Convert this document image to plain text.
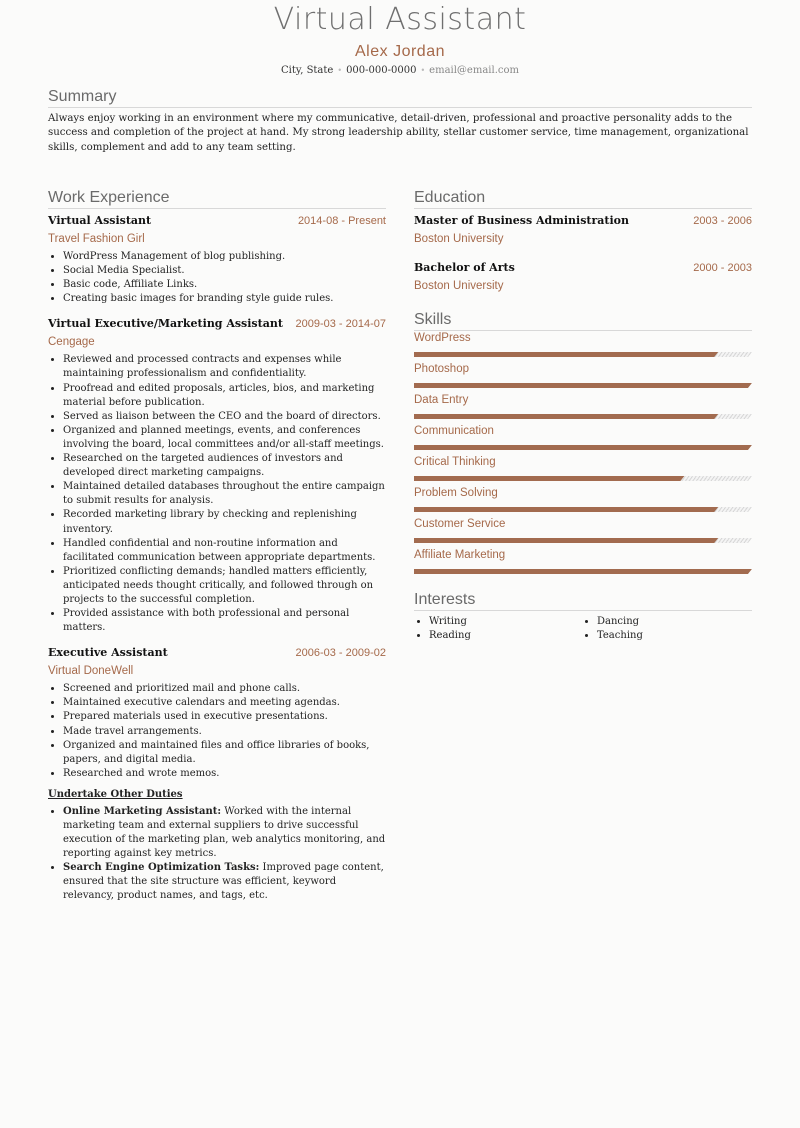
Virtual Assistant
Alex Jordan
City, State • 000-000-0000 • email@email.com
Summary

Always enjoy working in an environment where my communicative, detail-driven, professional and proactive personality adds to the success and completion of the project at hand. My strong leadership ability, stellar customer service, time management, organizational skills, complement and add to any team setting.

Work Experience
Virtual Assistant	2014-08 - Present
Travel Fashion Girl
• WordPress Management of blog publishing.
• Social Media Specialist.
• Basic code, Affiliate Links.
• Creating basic images for branding style guide rules.
Virtual Executive/Marketing Assistant 2009-03 - 2014-07
Cengage
• Reviewed and processed contracts and expenses while maintaining professionalism and confidentiality.
• Proofread and edited proposals, articles, bios, and marketing material before publication.
• Served as liaison between the CEO and the board of directors.
• Organized and planned meetings, events, and conferences involving the board, local committees and/or all-staff meetings.
• Researched on the targeted audiences of investors and developed direct marketing campaigns.
• Maintained detailed databases throughout the entire campaign to submit results for analysis.
• Recorded marketing library by checking and replenishing inventory.
• Handled confidential and non-routine information and facilitated communication between appropriate departments.
• Prioritized conflicting demands; handled matters efficiently, anticipated needs thought critically, and followed through on projects to the successful completion.
• Provided assistance with both professional and personal matters.
Executive Assistant	2006-03 - 2009-02
Virtual DoneWell
• Screened and prioritized mail and phone calls.
• Maintained executive calendars and meeting agendas.
• Prepared materials used in executive presentations.
• Made travel arrangements.
• Organized and maintained files and office libraries of books, papers, and digital media.
• Researched and wrote memos.
Undertake Other Duties
• Online Marketing Assistant: Worked with the internal marketing team and external suppliers to drive successful execution of the marketing plan, web analytics monitoring, and reporting against key metrics.
• Search Engine Optimization Tasks: Improved page content, ensured that the site structure was efficient, keyword relevancy, product names, and tags, etc.
Education
Master of Business Administration	2003 - 2006
Boston University
Bachelor of Arts	2000 - 2003
Boston University
Skills
WordPress
Photoshop
Data Entry
Communication
Critical Thinking
Problem Solving
Customer Service
Affiliate Marketing
Interests
• Writing
• Reading
• Dancing
• Teaching
